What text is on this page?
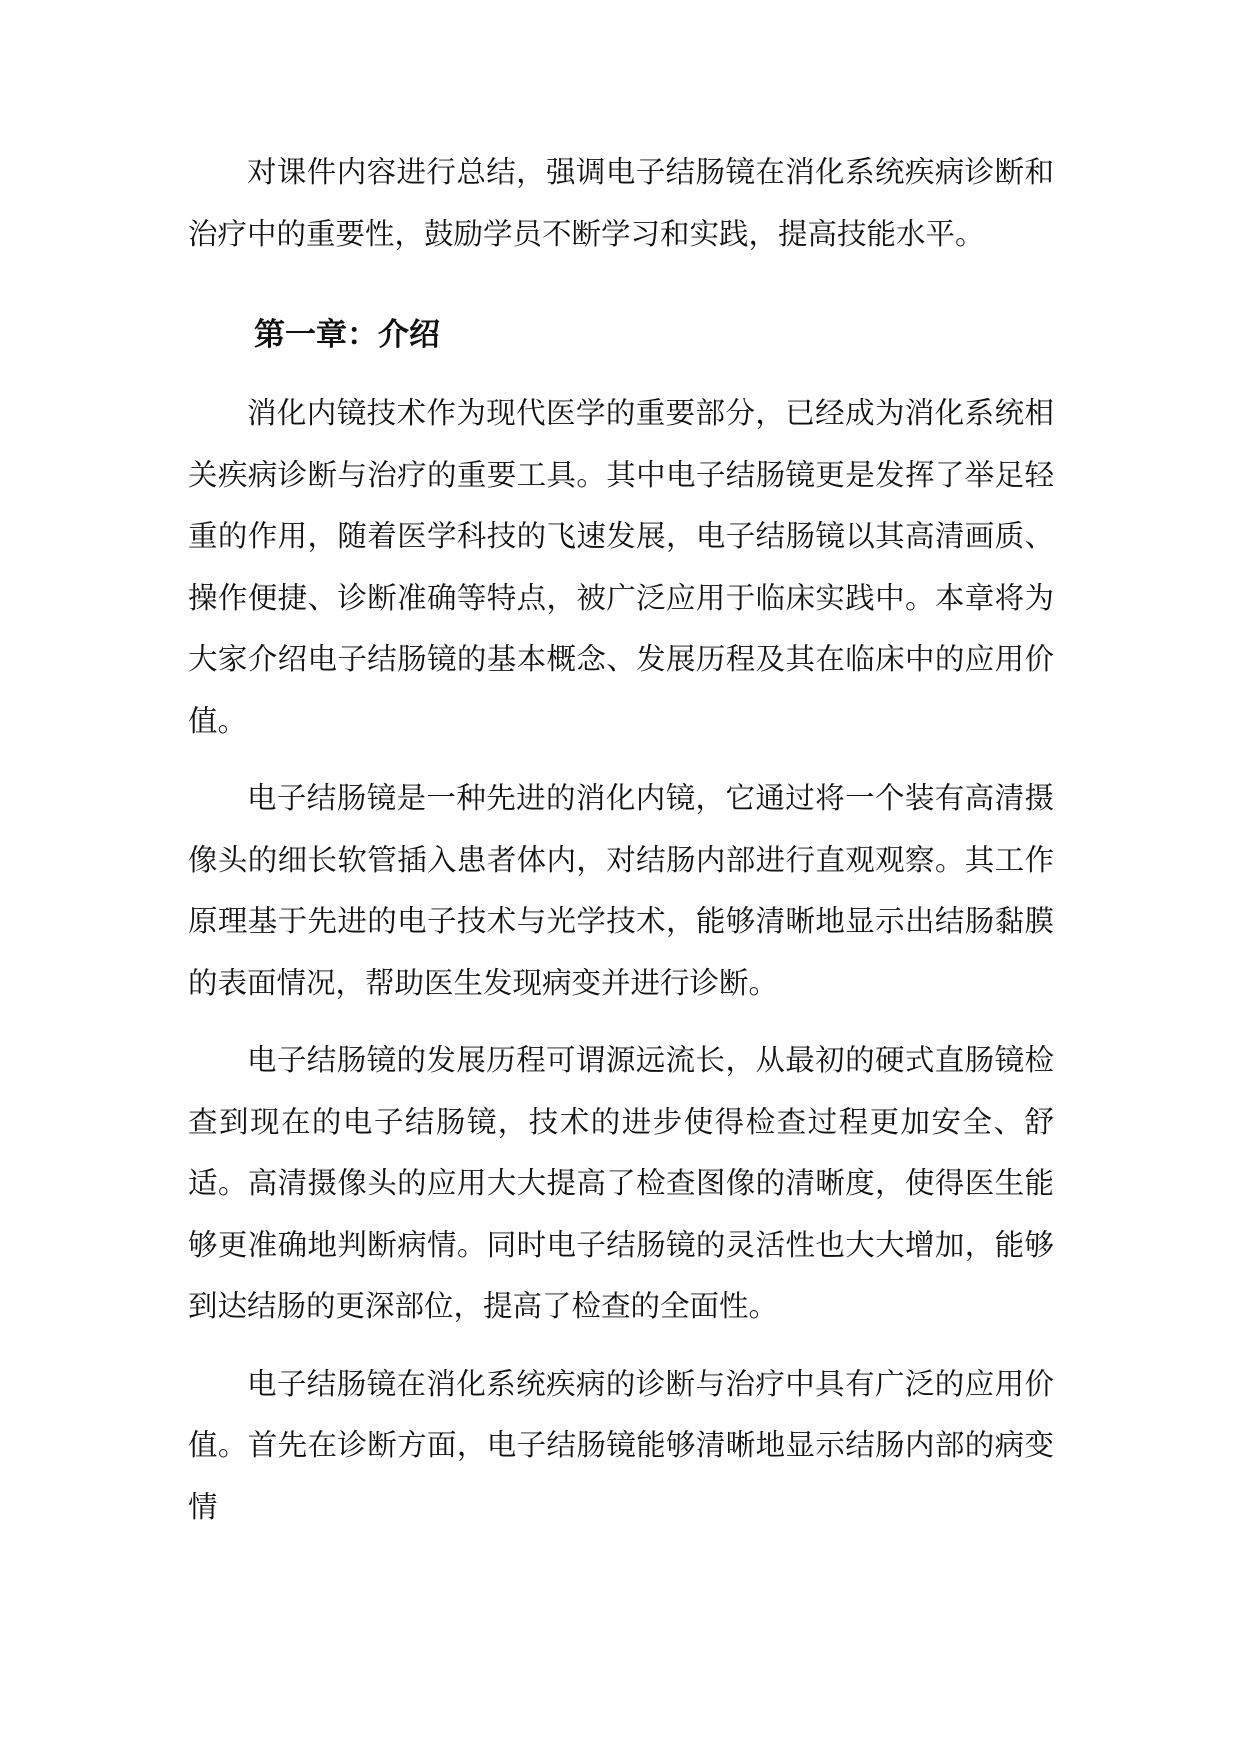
对课件内容进行总结，强调电子结肠镜在消化系统疾病诊断和治疗中的重要性，鼓励学员不断学习和实践，提高技能水平。

第一章：介绍

消化内镜技术作为现代医学的重要部分，已经成为消化系统相关疾病诊断与治疗的重要工具。其中电子结肠镜更是发挥了举足轻重的作用，随着医学科技的飞速发展，电子结肠镜以其高清画质、操作便捷、诊断准确等特点，被广泛应用于临床实践中。本章将为大家介绍电子结肠镜的基本概念、发展历程及其在临床中的应用价值。

电子结肠镜是一种先进的消化内镜，它通过将一个装有高清摄像头的细长软管插入患者体内，对结肠内部进行直观观察。其工作原理基于先进的电子技术与光学技术，能够清晰地显示出结肠黏膜的表面情况，帮助医生发现病变并进行诊断。

电子结肠镜的发展历程可谓源远流长，从最初的硬式直肠镜检查到现在的电子结肠镜，技术的进步使得检查过程更加安全、舒适。高清摄像头的应用大大提高了检查图像的清晰度，使得医生能够更准确地判断病情。同时电子结肠镜的灵活性也大大增加，能够到达结肠的更深部位，提高了检查的全面性。

电子结肠镜在消化系统疾病的诊断与治疗中具有广泛的应用价值。首先在诊断方面，电子结肠镜能够清晰地显示结肠内部的病变情
